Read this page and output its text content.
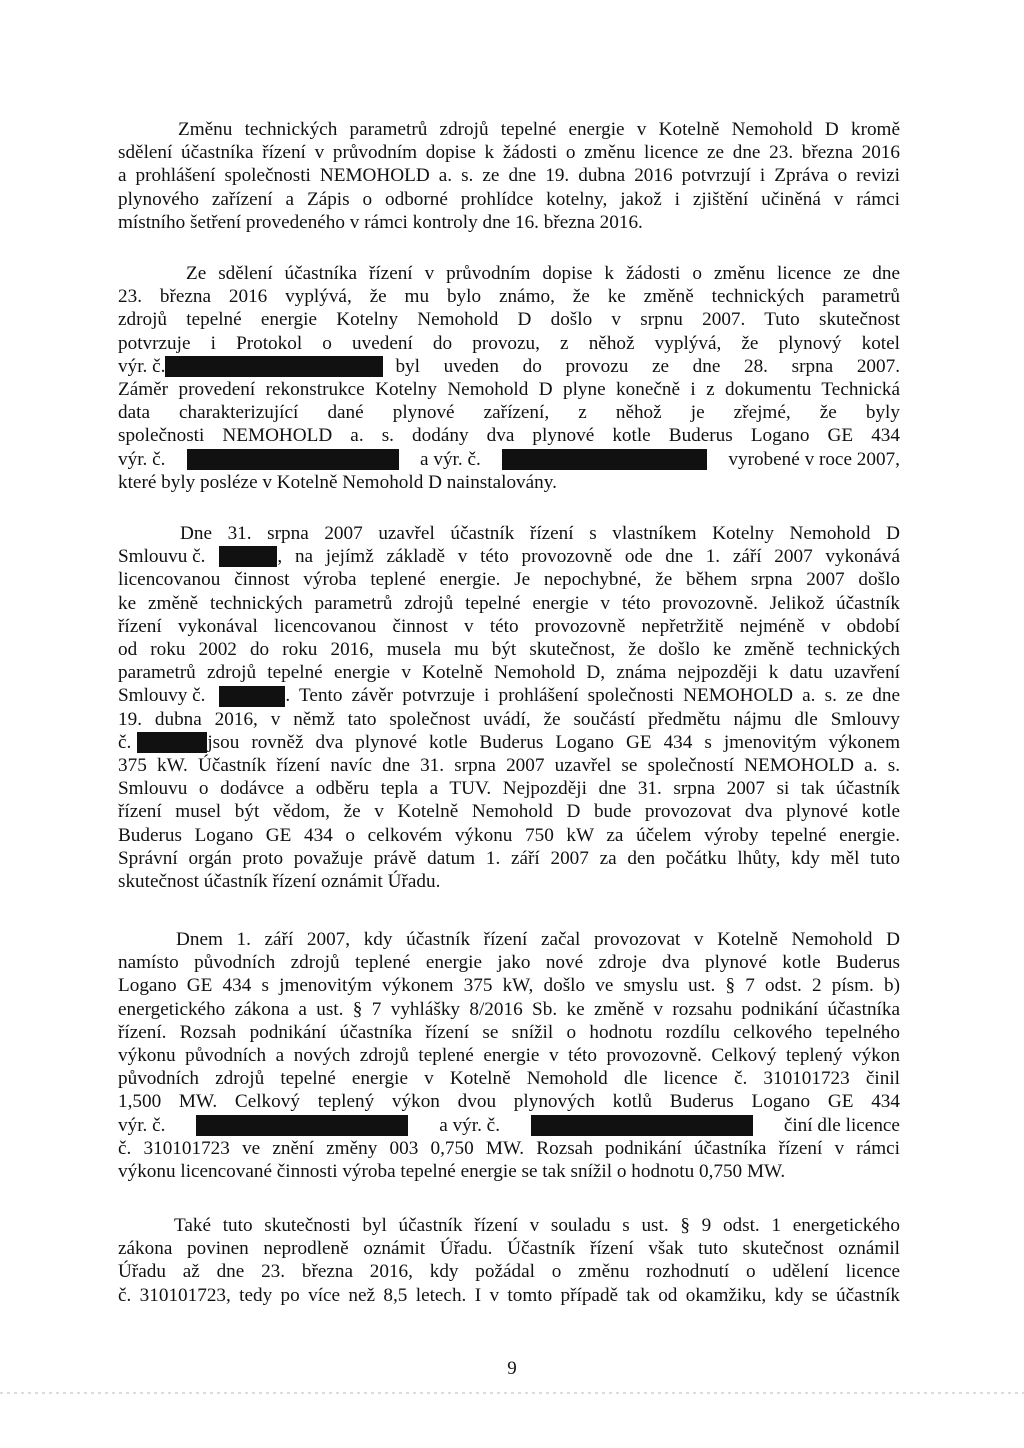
Změnu technických parametrů zdrojů tepelné energie v Kotelně Nemohold D kromě
sdělení účastníka řízení v průvodním dopise k žádosti o změnu licence ze dne 23. března 2016
a prohlášení společnosti NEMOHOLD a. s. ze dne 19. dubna 2016 potvrzují i Zpráva o revizi
plynového zařízení a Zápis o odborné prohlídce kotelny, jakož i zjištění učiněná v rámci
místního šetření provedeného v rámci kontroly dne 16. března 2016.
Ze sdělení účastníka řízení v průvodním dopise k žádosti o změnu licence ze dne
23. března 2016 vyplývá, že mu bylo známo, že ke změně technických parametrů
zdrojů tepelné energie Kotelny Nemohold D došlo v srpnu 2007. Tuto skutečnost
potvrzuje i Protokol o uvedení do provozu, z něhož vyplývá, že plynový kotel
výr. č.	byl uveden do provozu ze dne 28. srpna 2007.
Záměr provedení rekonstrukce Kotelny Nemohold D plyne konečně i z dokumentu Technická
data charakterizující dané plynové zařízení, z něhož je zřejmé, že byly
společnosti NEMOHOLD a. s. dodány dva plynové kotle Buderus Logano GE 434
výr. č.	a výr. č.	vyrobené v roce 2007,
které byly posléze v Kotelně Nemohold D nainstalovány.
Dne 31. srpna 2007 uzavřel účastník řízení s vlastníkem Kotelny Nemohold D
Smlouvu č.	, na jejímž základě v této provozovně ode dne 1. září 2007 vykonává
licencovanou činnost výroba teplené energie. Je nepochybné, že během srpna 2007 došlo
ke změně technických parametrů zdrojů tepelné energie v této provozovně. Jelikož účastník
řízení vykonával licencovanou činnost v této provozovně nepřetržitě nejméně v období
od roku 2002 do roku 2016, musela mu být skutečnost, že došlo ke změně technických
parametrů zdrojů tepelné energie v Kotelně Nemohold D, známa nejpozději k datu uzavření
Smlouvy č.	. Tento závěr potvrzuje i prohlášení společnosti NEMOHOLD a. s. ze dne
19. dubna 2016, v němž tato společnost uvádí, že součástí předmětu nájmu dle Smlouvy
č.	jsou rovněž dva plynové kotle Buderus Logano GE 434 s jmenovitým výkonem
375 kW. Účastník řízení navíc dne 31. srpna 2007 uzavřel se společností NEMOHOLD a. s.
Smlouvu o dodávce a odběru tepla a TUV. Nejpozději dne 31. srpna 2007 si tak účastník
řízení musel být vědom, že v Kotelně Nemohold D bude provozovat dva plynové kotle
Buderus Logano GE 434 o celkovém výkonu 750 kW za účelem výroby tepelné energie.
Správní orgán proto považuje právě datum 1. září 2007 za den počátku lhůty, kdy měl tuto
skutečnost účastník řízení oznámit Úřadu.
Dnem 1. září 2007, kdy účastník řízení začal provozovat v Kotelně Nemohold D
namísto původních zdrojů teplené energie jako nové zdroje dva plynové kotle Buderus
Logano GE 434 s jmenovitým výkonem 375 kW, došlo ve smyslu ust. § 7 odst. 2 písm. b)
energetického zákona a ust. § 7 vyhlášky 8/2016 Sb. ke změně v rozsahu podnikání účastníka
řízení. Rozsah podnikání účastníka řízení se snížil o hodnotu rozdílu celkového tepelného
výkonu původních a nových zdrojů teplené energie v této provozovně. Celkový teplený výkon
původních zdrojů tepelné energie v Kotelně Nemohold dle licence č. 310101723 činil
1,500 MW. Celkový teplený výkon dvou plynových kotlů Buderus Logano GE 434
výr. č.	a výr. č.	činí dle licence
č. 310101723 ve znění změny 003 0,750 MW. Rozsah podnikání účastníka řízení v rámci
výkonu licencované činnosti výroba tepelné energie se tak snížil o hodnotu 0,750 MW.
Také tuto skutečnosti byl účastník řízení v souladu s ust. § 9 odst. 1 energetického
zákona povinen neprodleně oznámit Úřadu. Účastník řízení však tuto skutečnost oznámil
Úřadu až dne 23. března 2016, kdy požádal o změnu rozhodnutí o udělení licence
č. 310101723, tedy po více než 8,5 letech. I v tomto případě tak od okamžiku, kdy se účastník
9
